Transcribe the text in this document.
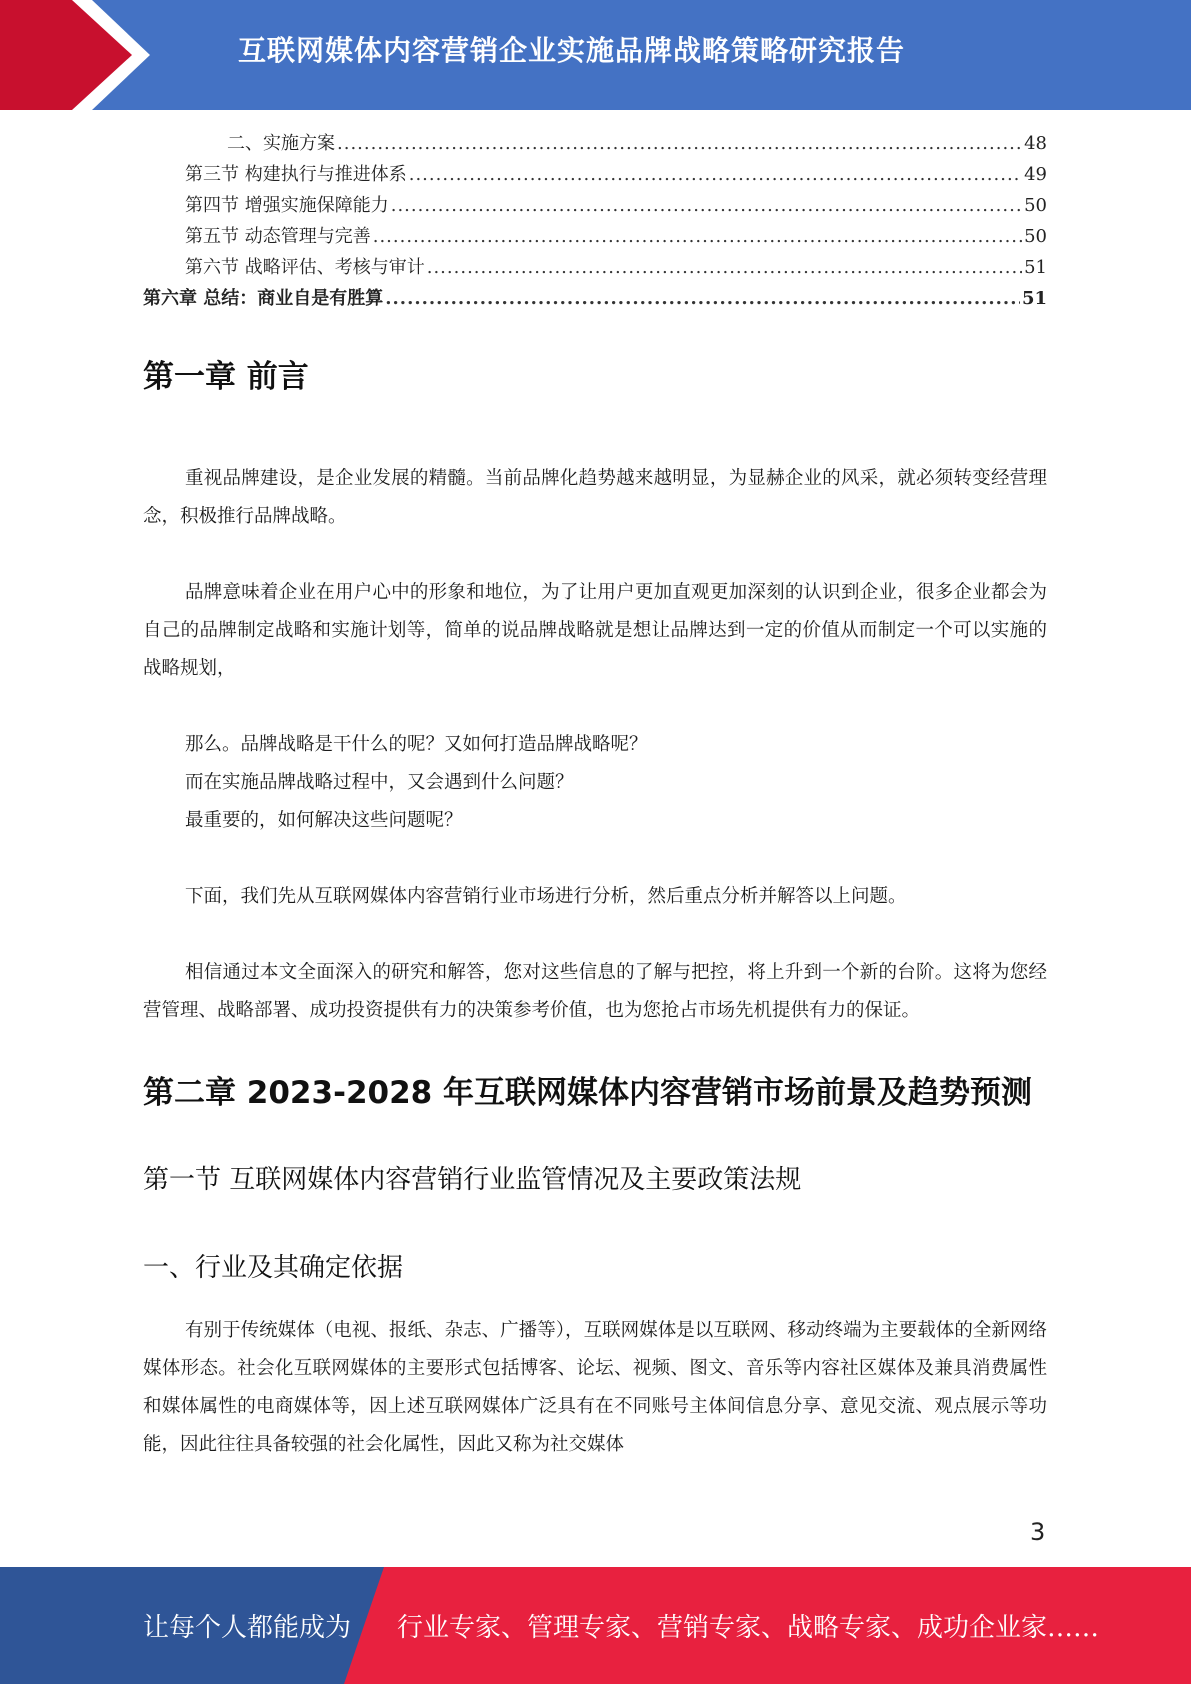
互联网媒体内容营销企业实施品牌战略策略研究报告
二、实施方案 .....	48
第三节 构建执行与推进体系 .....	49
第四节 增强实施保障能力 .....	50
第五节 动态管理与完善 .....	50
第六节 战略评估、考核与审计 .....	51
第六章 总结：商业自是有胜算 .....	51
第一章 前言

重视品牌建设，是企业发展的精髓。当前品牌化趋势越来越明显，为显赫企业的风采，就必须转变经营理念，积极推行品牌战略。

品牌意味着企业在用户心中的形象和地位，为了让用户更加直观更加深刻的认识到企业，很多企业都会为自己的品牌制定战略和实施计划等，简单的说品牌战略就是想让品牌达到一定的价值从而制定一个可以实施的战略规划，

那么。品牌战略是干什么的呢？又如何打造品牌战略呢？

而在实施品牌战略过程中，又会遇到什么问题？

最重要的，如何解决这些问题呢？

下面，我们先从互联网媒体内容营销行业市场进行分析，然后重点分析并解答以上问题。

相信通过本文全面深入的研究和解答，您对这些信息的了解与把控，将上升到一个新的台阶。这将为您经营管理、战略部署、成功投资提供有力的决策参考价值，也为您抢占市场先机提供有力的保证。

第二章 2023-2028 年互联网媒体内容营销市场前景及趋势预测
第一节 互联网媒体内容营销行业监管情况及主要政策法规
一、行业及其确定依据

有别于传统媒体（电视、报纸、杂志、广播等），互联网媒体是以互联网、移动终端为主要载体的全新网络媒体形态。社会化互联网媒体的主要形式包括博客、论坛、视频、图文、音乐等内容社区媒体及兼具消费属性和媒体属性的电商媒体等，因上述互联网媒体广泛具有在不同账号主体间信息分享、意见交流、观点展示等功能，因此往往具备较强的社会化属性，因此又称为社交媒体

3
让每个人都能成为 行业专家、管理专家、营销专家、战略专家、成功企业家……
